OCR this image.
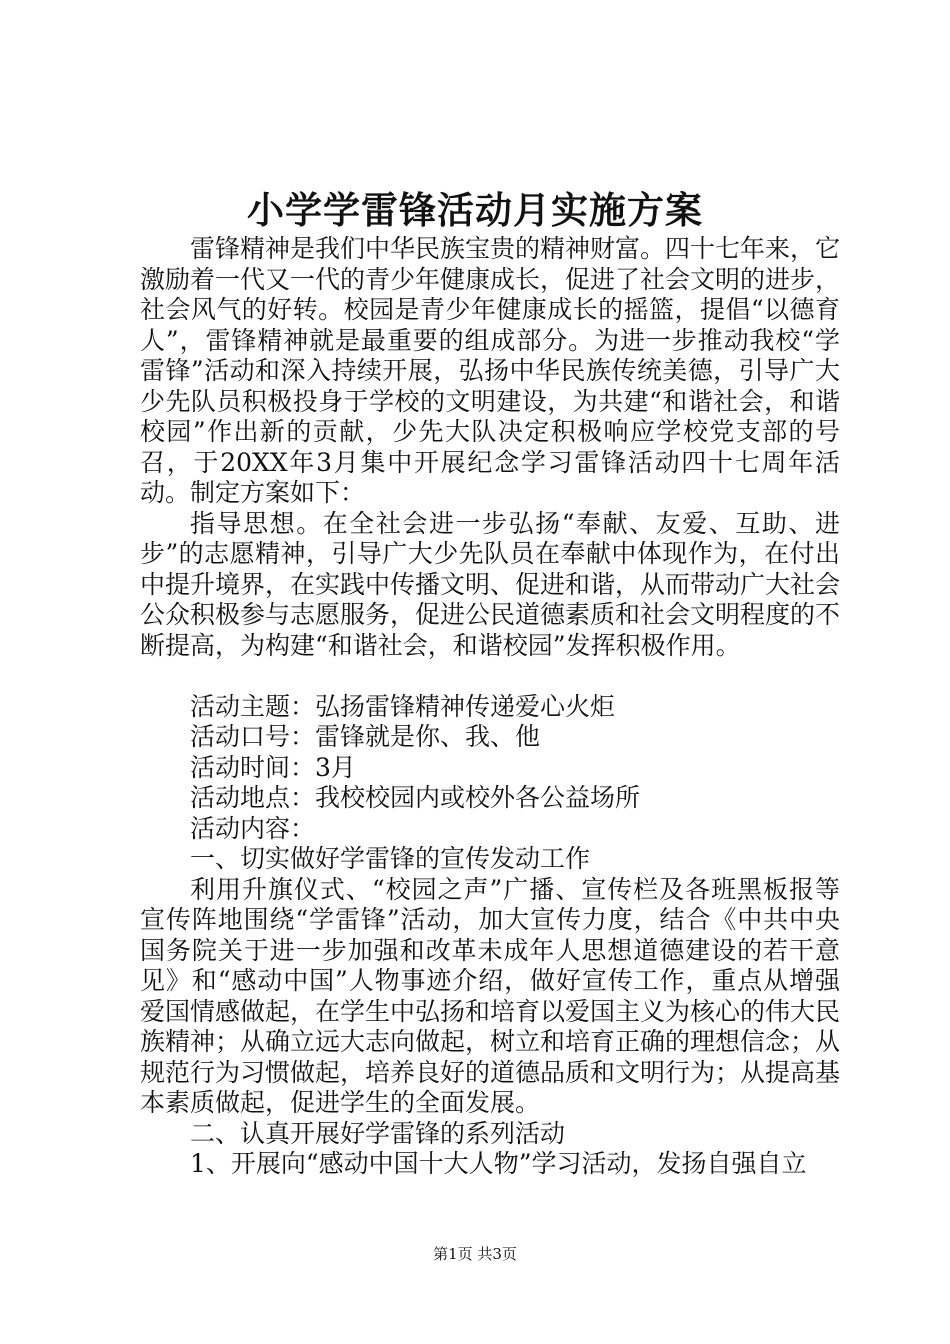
小学学雷锋活动月实施方案

雷锋精神是我们中华民族宝贵的精神财富。四十七年来，它激励着一代又一代的青少年健康成长，促进了社会文明的进步，社会风气的好转。校园是青少年健康成长的摇篮，提倡“以德育人”，雷锋精神就是最重要的组成部分。为进一步推动我校“学雷锋”活动和深入持续开展，弘扬中华民族传统美德，引导广大少先队员积极投身于学校的文明建设，为共建“和谐社会，和谐校园”作出新的贡献，少先大队决定积极响应学校党支部的号召，于20XX年3月集中开展纪念学习雷锋活动四十七周年活动。制定方案如下：

指导思想。在全社会进一步弘扬“奉献、友爱、互助、进步”的志愿精神，引导广大少先队员在奉献中体现作为，在付出中提升境界，在实践中传播文明、促进和谐，从而带动广大社会公众积极参与志愿服务，促进公民道德素质和社会文明程度的不断提高，为构建“和谐社会，和谐校园”发挥积极作用。

活动主题：弘扬雷锋精神传递爱心火炬

活动口号：雷锋就是你、我、他

活动时间：3月

活动地点：我校校园内或校外各公益场所

活动内容：

一、切实做好学雷锋的宣传发动工作

利用升旗仪式、“校园之声”广播、宣传栏及各班黑板报等宣传阵地围绕“学雷锋”活动，加大宣传力度，结合《中共中央国务院关于进一步加强和改革未成年人思想道德建设的若干意见》和“感动中国”人物事迹介绍，做好宣传工作，重点从增强爱国情感做起，在学生中弘扬和培育以爱国主义为核心的伟大民族精神；从确立远大志向做起，树立和培育正确的理想信念；从规范行为习惯做起，培养良好的道德品质和文明行为；从提高基本素质做起，促进学生的全面发展。

二、认真开展好学雷锋的系列活动

1、开展向“感动中国十大人物”学习活动，发扬自强自立

第1页 共3页
